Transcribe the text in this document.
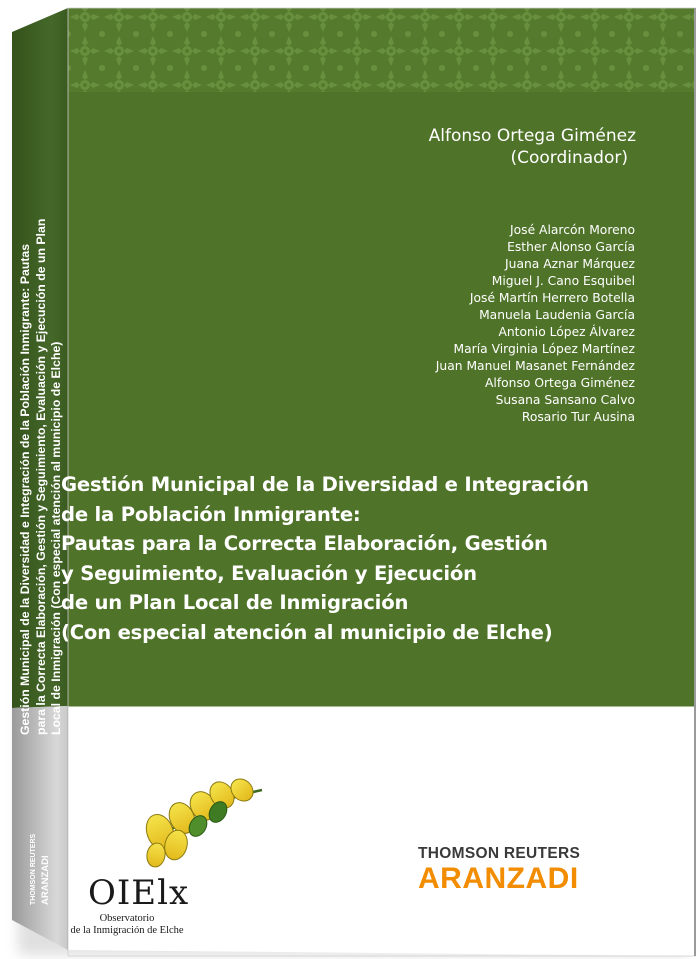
Gestión Municipal de la Diversidad e Integración de la Población Inmigrante: Pautas para la Correcta Elaboración, Gestión y Seguimiento, Evaluación y Ejecución de un Plan Local de Inmigración (Con especial atención al municipio de Elche)
THOMSON REUTERS ARANZADI
Alfonso Ortega Giménez

(Coordinador)
José Alarcón Moreno
Esther Alonso García
Juana Aznar Márquez
Miguel J. Cano Esquibel
José Martín Herrero Botella
Manuela Laudenia García
Antonio López Álvarez
María Virginia López Martínez
Juan Manuel Masanet Fernández
Alfonso Ortega Giménez
Susana Sansano Calvo
Rosario Tur Ausina
Gestión Municipal de la Diversidad e Integración
de la Población Inmigrante:
Pautas para la Correcta Elaboración, Gestión
y Seguimiento, Evaluación y Ejecución
de un Plan Local de Inmigración
(Con especial atención al municipio de Elche)
OIElx
Observatorio
de la Inmigración de Elche
THOMSON REUTERS
ARANZADI
